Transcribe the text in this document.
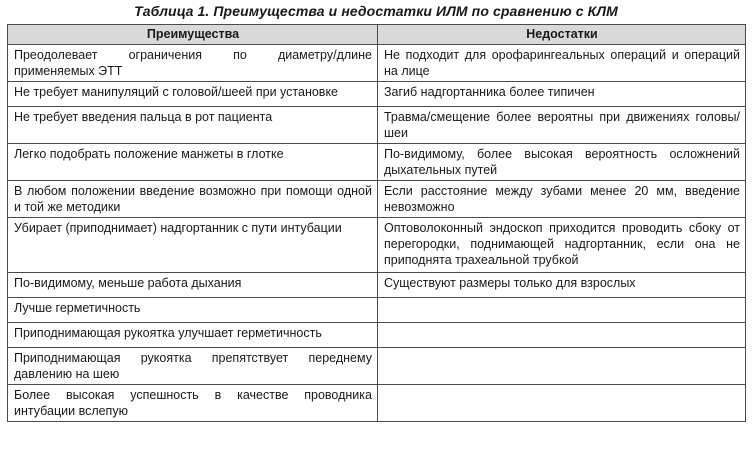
Таблица 1. Преимущества и недостатки ИЛМ по сравнению с КЛМ
Преимущества	Недостатки
Преодолевает ограничения по диаметру/длине применяемых ЭТТ	Не подходит для орофарингеальных операций и операций на лице
Не требует манипуляций с головой/шеей при установке	Загиб надгортанника более типичен
Не требует введения пальца в рот пациента	Травма/смещение более вероятны при движениях головы/шеи
Легко подобрать положение манжеты в глотке	По-видимому, более высокая вероятность осложнений дыхательных путей
В любом положении введение возможно при помощи одной и той же методики	Если расстояние между зубами менее 20 мм, введение невозможно
Убирает (приподнимает) надгортанник с пути интубации	Оптоволоконный эндоскоп приходится проводить сбоку от перегородки, поднимающей надгортанник, если она не приподнята трахеальной трубкой
По-видимому, меньше работа дыхания	Существуют размеры только для взрослых
Лучше герметичность	
Приподнимающая рукоятка улучшает герметичность	
Приподнимающая рукоятка препятствует переднему давлению на шею	
Более высокая успешность в качестве проводника интубации вслепую	
